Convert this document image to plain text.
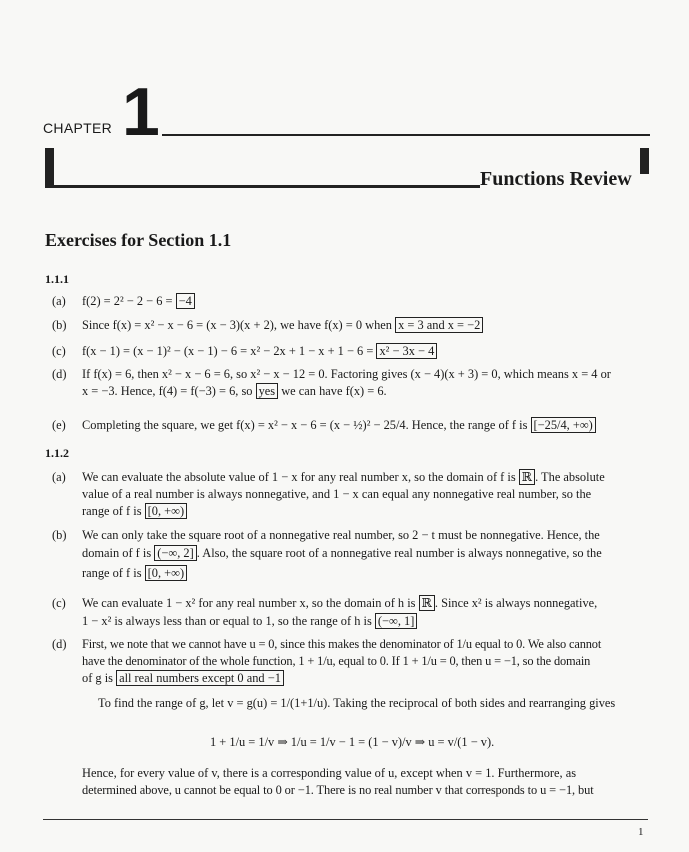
CHAPTER 1
Functions Review
Exercises for Section 1.1
1.1.1
(a) f(2) = 2² − 2 − 6 = −4
(b) Since f(x) = x² − x − 6 = (x − 3)(x + 2), we have f(x) = 0 when x = 3 and x = −2
(c) f(x − 1) = (x − 1)² − (x − 1) − 6 = x² − 2x + 1 − x + 1 − 6 = x² − 3x − 4
(d) If f(x) = 6, then x² − x − 6 = 6, so x² − x − 12 = 0. Factoring gives (x − 4)(x + 3) = 0, which means x = 4 or
x = −3. Hence, f(4) = f(−3) = 6, so yes we can have f(x) = 6.
(e) Completing the square, we get f(x) = x² − x − 6 = (x − ½)² − 25/4. Hence, the range of f is [−25/4, +∞)
1.1.2
(a) We can evaluate the absolute value of 1 − x for any real number x, so the domain of f is ℝ . The absolute
value of a real number is always nonnegative, and 1 − x can equal any nonnegative real number, so the
range of f is [0, +∞)
(b) We can only take the square root of a nonnegative real number, so 2 − t must be nonnegative. Hence, the
domain of f is (−∞, 2] . Also, the square root of a nonnegative real number is always nonnegative, so the
range of f is [0, +∞)
(c) We can evaluate 1 − x² for any real number x, so the domain of h is ℝ . Since x² is always nonnegative,
1 − x² is always less than or equal to 1, so the range of h is (−∞, 1]
(d) First, we note that we cannot have u = 0, since this makes the denominator of 1/u equal to 0. We also cannot
have the denominator of the whole function, 1 + 1/u, equal to 0. If 1 + 1/u = 0, then u = −1, so the domain
of g is all real numbers except 0 and −1
To find the range of g, let v = g(u) = 1/(1+1/u). Taking the reciprocal of both sides and rearranging gives
1 + 1/u = 1/v ⇒ 1/u = 1/v − 1 = (1 − v)/v ⇒ u = v/(1 − v).
Hence, for every value of v, there is a corresponding value of u, except when v = 1. Furthermore, as
determined above, u cannot be equal to 0 or −1. There is no real number v that corresponds to u = −1, but
1
